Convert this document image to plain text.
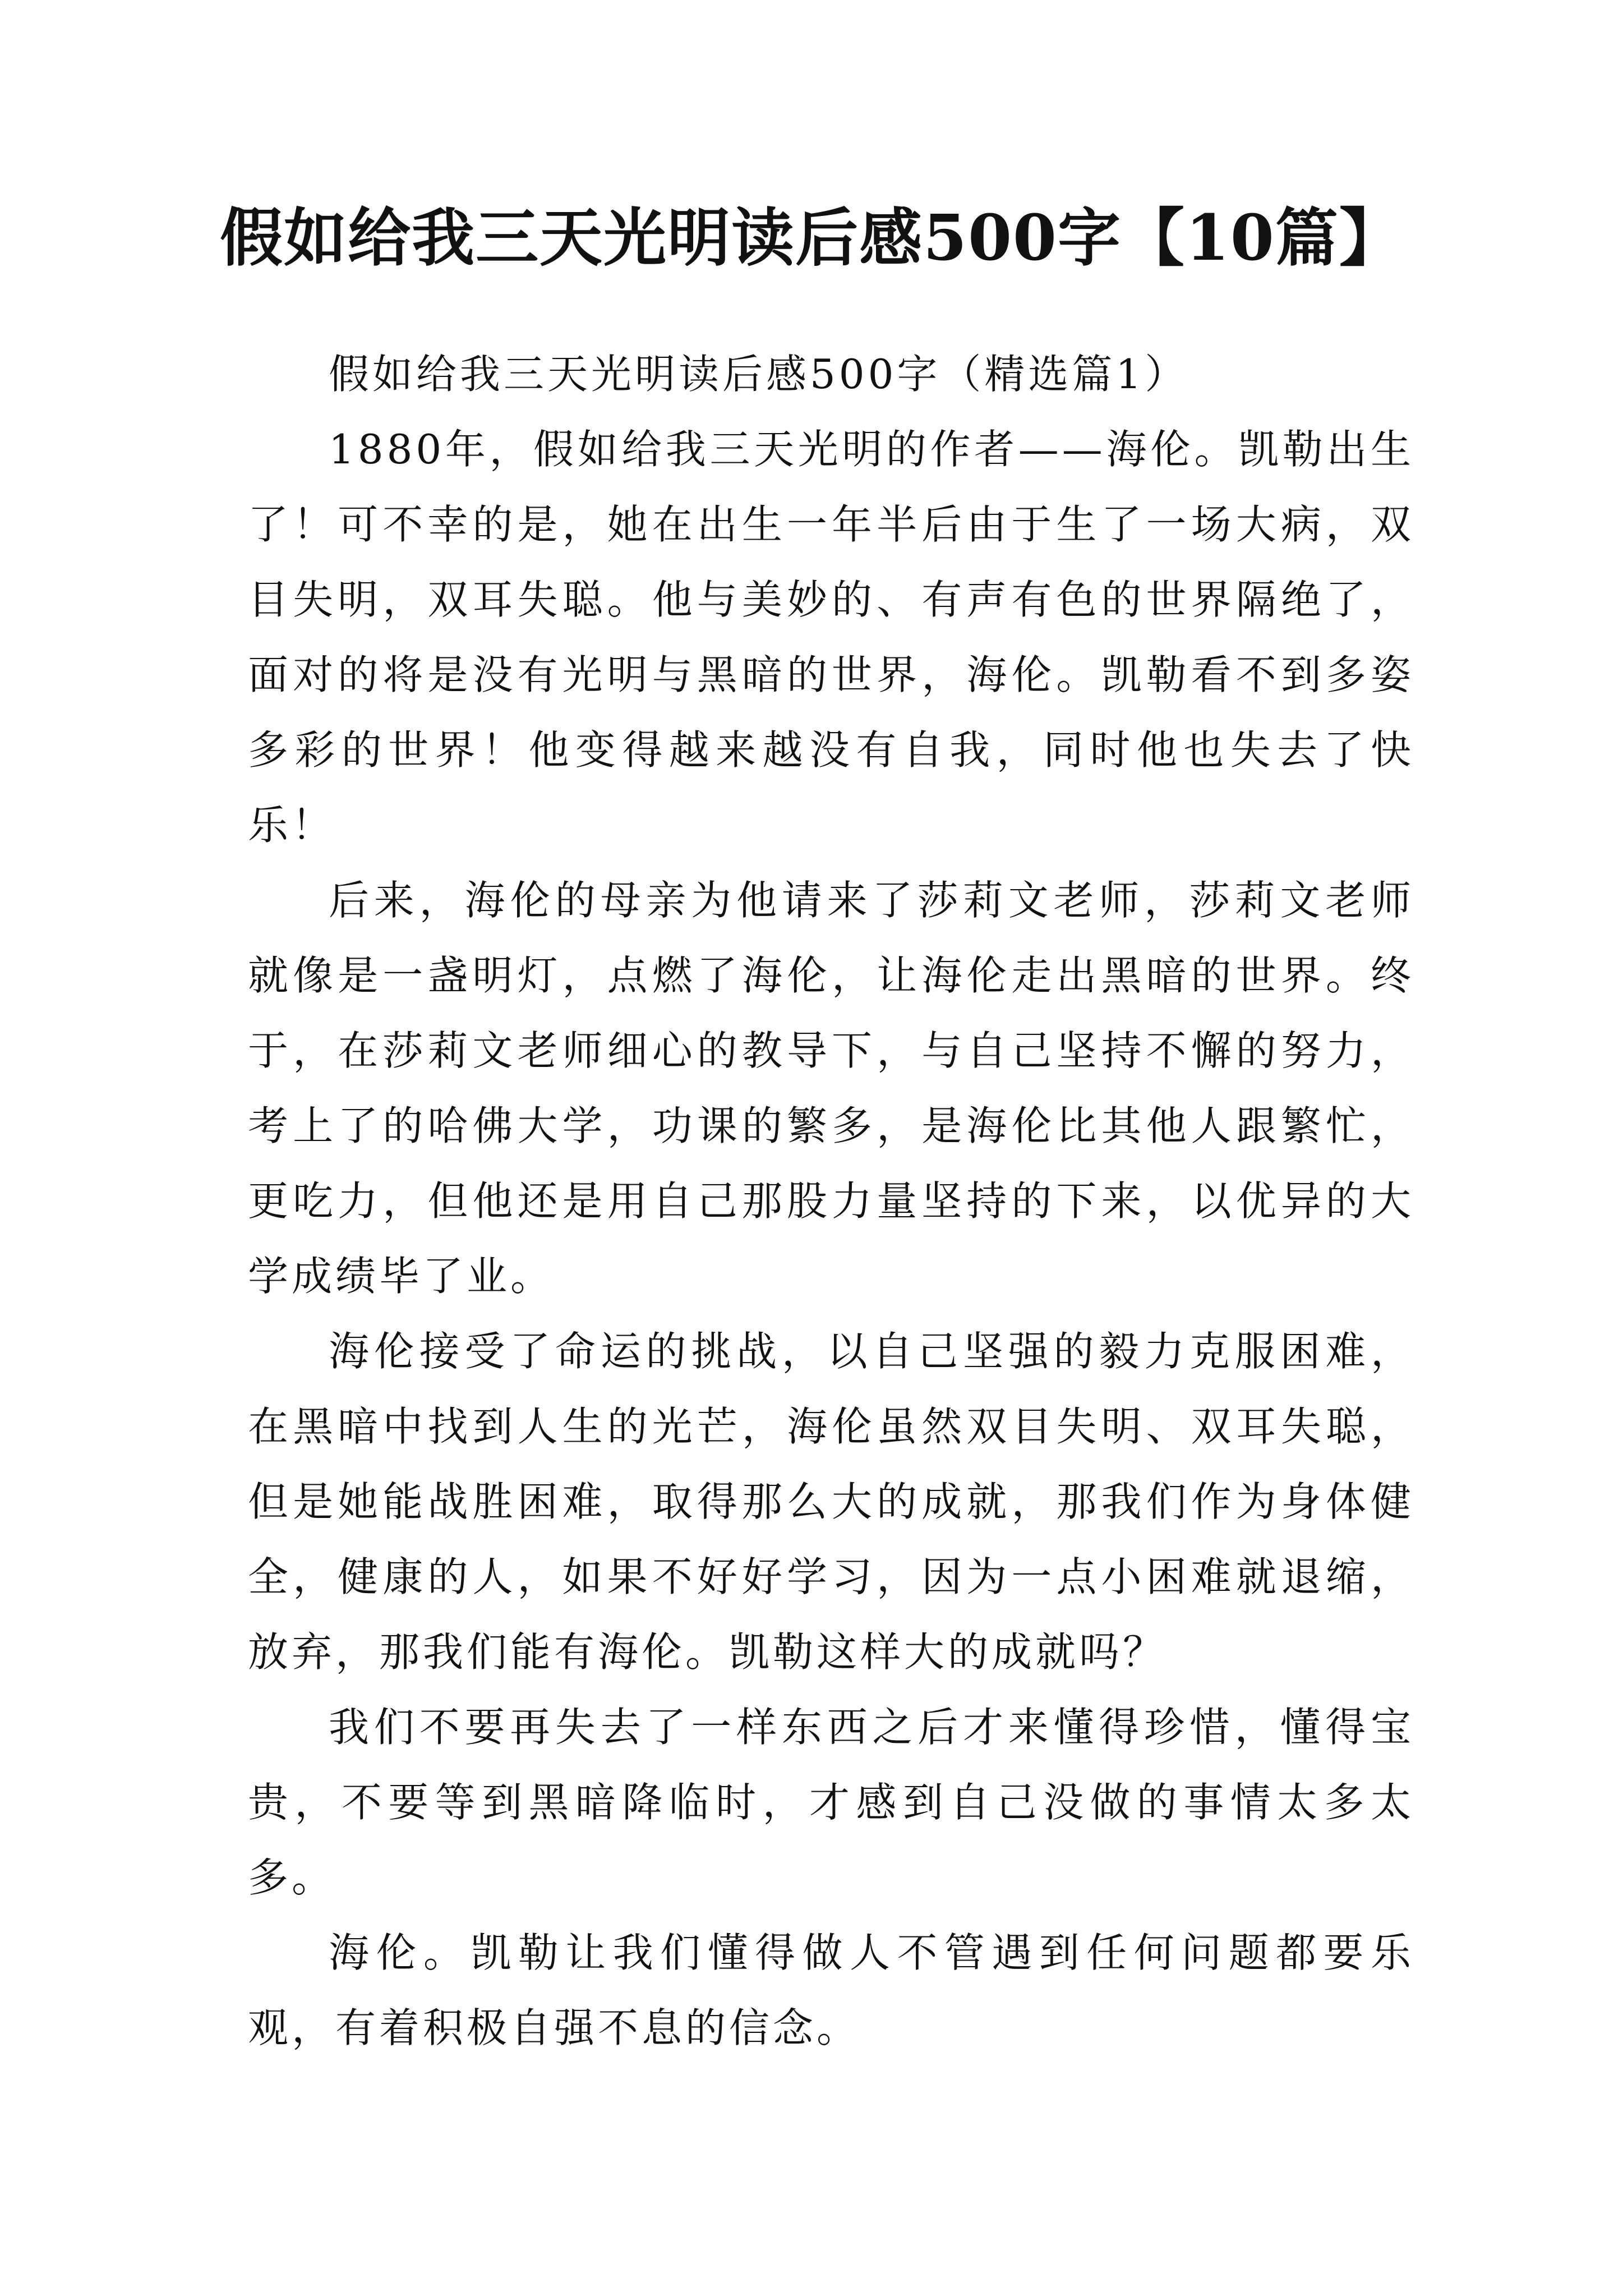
假如给我三天光明读后感500字【10篇】

假如给我三天光明读后感500字（精选篇1）

1880年，假如给我三天光明的作者——海伦。凯勒出生了！可不幸的是，她在出生一年半后由于生了一场大病，双目失明，双耳失聪。他与美妙的、有声有色的世界隔绝了，面对的将是没有光明与黑暗的世界，海伦。凯勒看不到多姿多彩的世界！他变得越来越没有自我，同时他也失去了快乐！

后来，海伦的母亲为他请来了莎莉文老师，莎莉文老师就像是一盏明灯，点燃了海伦，让海伦走出黑暗的世界。终于，在莎莉文老师细心的教导下，与自己坚持不懈的努力，考上了的哈佛大学，功课的繁多，是海伦比其他人跟繁忙，更吃力，但他还是用自己那股力量坚持的下来，以优异的大学成绩毕了业。

海伦接受了命运的挑战，以自己坚强的毅力克服困难，在黑暗中找到人生的光芒，海伦虽然双目失明、双耳失聪，但是她能战胜困难，取得那么大的成就，那我们作为身体健全，健康的人，如果不好好学习，因为一点小困难就退缩，放弃，那我们能有海伦。凯勒这样大的成就吗？

我们不要再失去了一样东西之后才来懂得珍惜，懂得宝贵，不要等到黑暗降临时，才感到自己没做的事情太多太多。

海伦。凯勒让我们懂得做人不管遇到任何问题都要乐观，有着积极自强不息的信念。
